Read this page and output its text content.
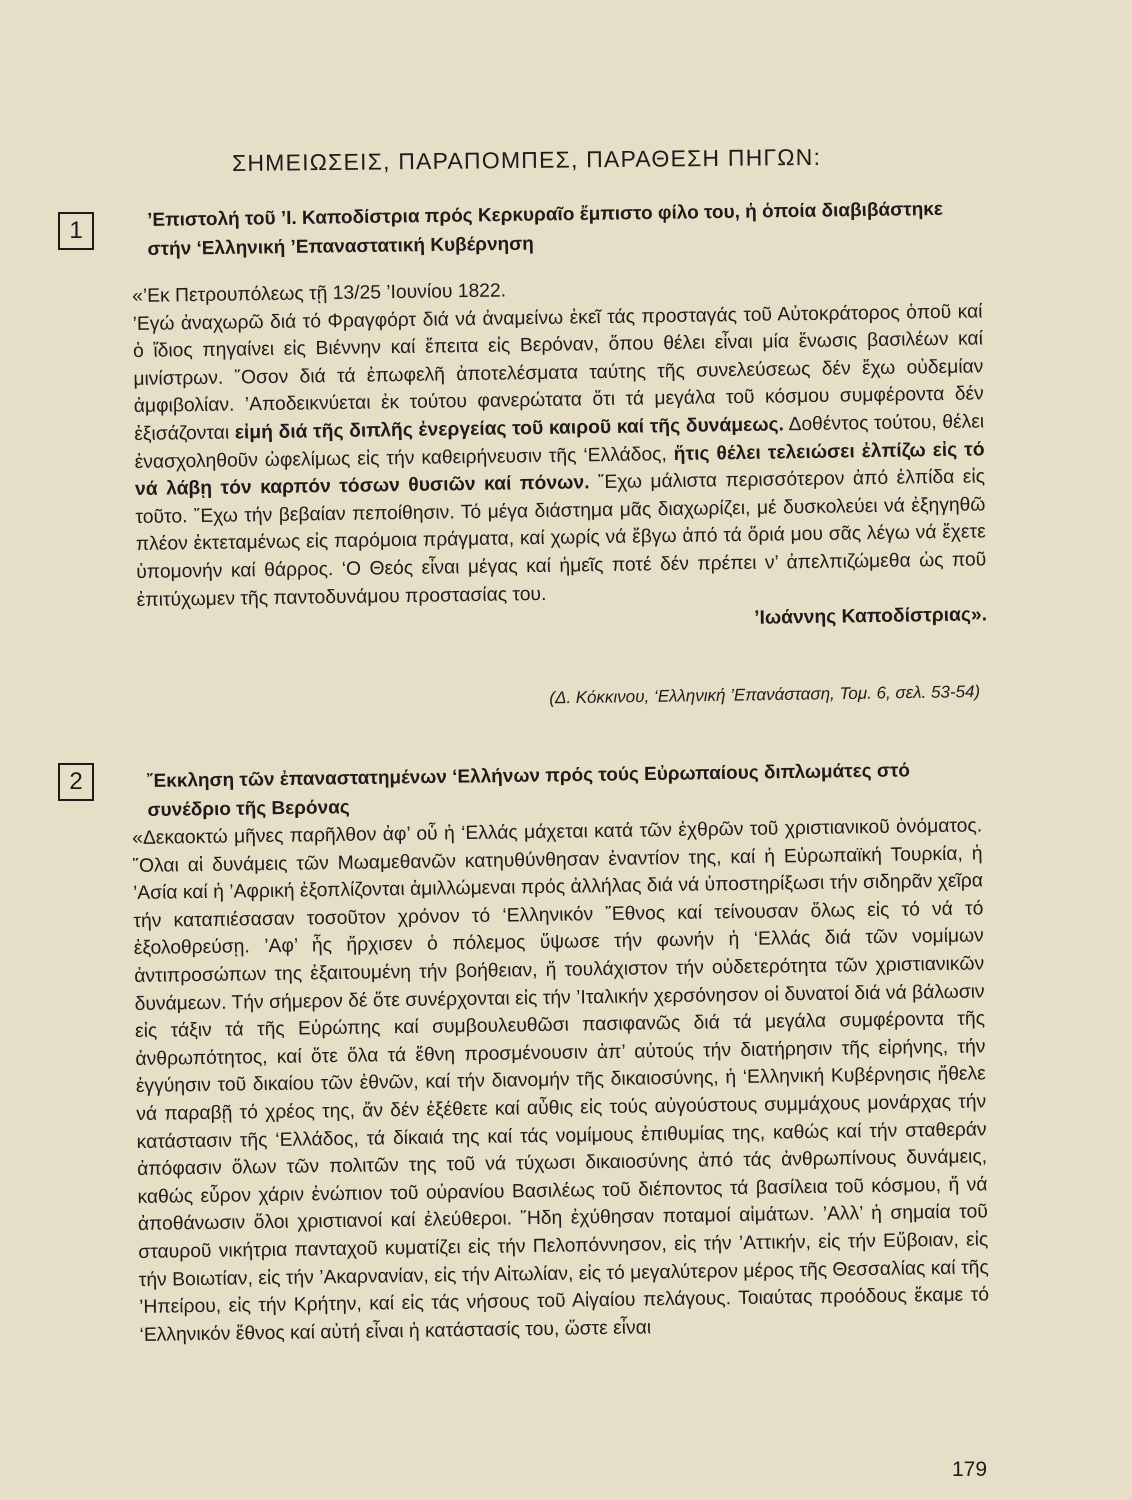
ΣΗΜΕΙΩΣΕΙΣ, ΠΑΡΑΠΟΜΠΕΣ, ΠΑΡΑΘΕΣΗ ΠΗΓΩΝ:
1	’Επιστολή τοῦ ’Ι. Καποδίστρια πρός Κερκυραῖο ἔμπιστο φίλο του, ἡ ὁποία διαβιβάστηκε στήν ‘Ελληνική ’Επαναστατική Κυβέρνηση

«’Εκ Πετρουπόλεως τῇ 13/25 ’Ιουνίου 1822.

’Εγώ ἀναχωρῶ διά τό Φραγφόρτ διά νά ἀναμείνω ἐκεῖ τάς προσταγάς τοῦ Αὐτοκράτορος ὁποῦ καί ὁ ἴδιος πηγαίνει εἰς Βιέννην καί ἔπειτα εἰς Βερόναν, ὅπου θέλει εἶναι μία ἕνωσις βασιλέων καί μινίστρων. ῞Οσον διά τά ἐπωφελῆ ἀποτελέσματα ταύτης τῆς συνελεύσεως δέν ἔχω οὐδεμίαν ἀμφιβολίαν. ’Αποδεικνύεται ἐκ τούτου φανερώτατα ὅτι τά μεγάλα τοῦ κόσμου συμφέροντα δέν ἐξισάζονται εἰμή διά τῆς διπλῆς ἐνεργείας τοῦ καιροῦ καί τῆς δυνάμεως. Δοθέντος τούτου, θέλει ἐνασχοληθοῦν ὠφελίμως εἰς τήν καθειρήνευσιν τῆς ‘Ελλάδος, ἥτις θέλει τελειώσει ἐλπίζω εἰς τό νά λάβῃ τόν καρπόν τόσων θυσιῶν καί πόνων. ῎Εχω μάλιστα περισσότερον ἀπό ἐλπίδα εἰς τοῦτο. ῎Εχω τήν βεβαίαν πεποίθησιν. Τό μέγα διάστημα μᾶς διαχωρίζει, μέ δυσκολεύει νά ἐξηγηθῶ πλέον ἐκτεταμένως εἰς παρόμοια πράγματα, καί χωρίς νά ἔβγω ἀπό τά ὅριά μου σᾶς λέγω νά ἔχετε ὑπομονήν καί θάρρος. ‘Ο Θεός εἶναι μέγας καί ἡμεῖς ποτέ δέν πρέπει ν’ ἀπελπιζώμεθα ὡς ποῦ ἐπιτύχωμεν τῆς παντοδυνάμου προστασίας του.

’Ιωάννης Καποδίστριας».

(Δ. Κόκκινου, ‘Ελληνική ’Επανάσταση, Τομ. 6, σελ. 53-54)
2	῎Εκκληση τῶν ἐπαναστατημένων ‘Ελλήνων πρός τούς Εὐρωπαίους διπλωμάτες στό συνέδριο τῆς Βερόνας

«Δεκαοκτώ μῆνες παρῆλθον ἀφ’ οὗ ἡ ‘Ελλάς μάχεται κατά τῶν ἐχθρῶν τοῦ χριστιανικοῦ ὀνόματος. ῞Ολαι αἱ δυνάμεις τῶν Μωαμεθανῶν κατηυθύνθησαν ἐναντίον της, καί ἡ Εὐρωπαϊκή Τουρκία, ἡ ’Ασία καί ἡ ’Αφρική ἐξοπλίζονται ἁμιλλώμεναι πρός ἀλλήλας διά νά ὑποστηρίξωσι τήν σιδηρᾶν χεῖρα τήν καταπιέσασαν τοσοῦτον χρόνον τό ‘Ελληνικόν ῎Εθνος καί τείνουσαν ὅλως εἰς τό νά τό ἐξολοθρεύσῃ. ’Αφ’ ἧς ἤρχισεν ὁ πόλεμος ὕψωσε τήν φωνήν ἡ ‘Ελλάς διά τῶν νομίμων ἀντιπροσώπων της ἐξαιτουμένη τήν βοήθειαν, ἤ τουλάχιστον τήν οὐδετερότητα τῶν χριστιανικῶν δυνάμεων. Τήν σήμερον δέ ὅτε συνέρχονται εἰς τήν ’Ιταλικήν χερσόνησον οἱ δυνατοί διά νά βάλωσιν εἰς τάξιν τά τῆς Εὐρώπης καί συμβουλευθῶσι πασιφανῶς διά τά μεγάλα συμφέροντα τῆς ἀνθρωπότητος, καί ὅτε ὅλα τά ἔθνη προσμένουσιν ἀπ’ αὐτούς τήν διατήρησιν τῆς εἰρήνης, τήν ἐγγύησιν τοῦ δικαίου τῶν ἐθνῶν, καί τήν διανομήν τῆς δικαιοσύνης, ἡ ‘Ελληνική Κυβέρνησις ἤθελε νά παραβῇ τό χρέος της, ἄν δέν ἐξέθετε καί αὖθις εἰς τούς αὐγούστους συμμάχους μονάρχας τήν κατάστασιν τῆς ‘Ελλάδος, τά δίκαιά της καί τάς νομίμους ἐπιθυμίας της, καθώς καί τήν σταθεράν ἀπόφασιν ὅλων τῶν πολιτῶν της τοῦ νά τύχωσι δικαιοσύνης ἀπό τάς ἀνθρωπίνους δυνάμεις, καθώς εὗρον χάριν ἐνώπιον τοῦ οὐρανίου Βασιλέως τοῦ διέποντος τά βασίλεια τοῦ κόσμου, ἤ νά ἀποθάνωσιν ὅλοι χριστιανοί καί ἐλεύθεροι. ῞Ηδη ἐχύθησαν ποταμοί αἱμάτων. ’Αλλ’ ἡ σημαία τοῦ σταυροῦ νικήτρια πανταχοῦ κυματίζει εἰς τήν Πελοπόννησον, εἰς τήν ’Αττικήν, εἰς τήν Εὔβοιαν, εἰς τήν Βοιωτίαν, εἰς τήν ’Ακαρνανίαν, εἰς τήν Αἰτωλίαν, εἰς τό μεγαλύτερον μέρος τῆς Θεσσαλίας καί τῆς ’Ηπείρου, εἰς τήν Κρήτην, καί εἰς τάς νήσους τοῦ Αἰγαίου πελάγους. Τοιαύτας προόδους ἔκαμε τό ‘Ελληνικόν ἔθνος καί αὐτή εἶναι ἡ κατάστασίς του, ὥστε εἶναι

179
